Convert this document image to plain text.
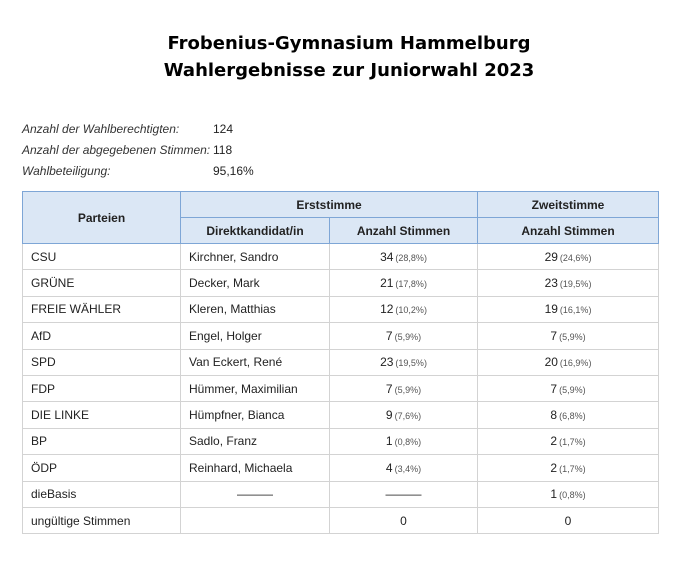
Frobenius-Gymnasium Hammelburg
Wahlergebnisse zur Juniorwahl 2023
Anzahl der Wahlberechtigten:	124
Anzahl der abgegebenen Stimmen: 118
Wahlbeteiligung:	95,16%
Parteien	Erststimme		Zweitstimme
	Direktkandidat/in	Anzahl Stimmen	Anzahl Stimmen
CSU	Kirchner, Sandro	34 (28,8%)	29 (24,6%)
GRÜNE	Decker, Mark	21 (17,8%)	23 (19,5%)
FREIE WÄHLER	Kleren, Matthias	12 (10,2%)	19 (16,1%)
AfD	Engel, Holger	7 (5,9%)	7 (5,9%)
SPD	Van Eckert, René	23 (19,5%)	20 (16,9%)
FDP	Hümmer, Maximilian	7 (5,9%)	7 (5,9%)
DIE LINKE	Hümpfner, Bianca	9 (7,6%)	8 (6,8%)
BP	Sadlo, Franz	1 (0,8%)	2 (1,7%)
ÖDP	Reinhard, Michaela	4 (3,4%)	2 (1,7%)
dieBasis	———	———	1 (0,8%)
ungültige Stimmen		0	0
